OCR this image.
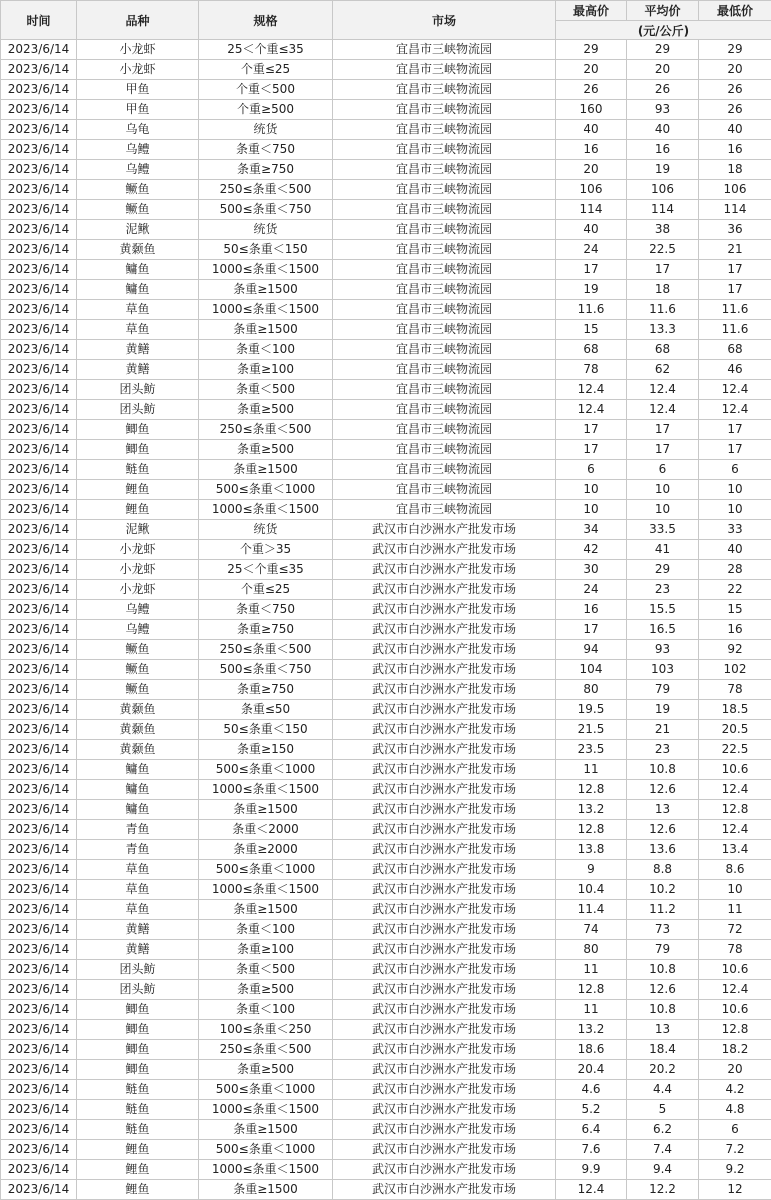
时间	品种	规格	市场	最高价	平均价	最低价
				(元/公斤)		
2023/6/14	小龙虾	25＜个重≤35	宜昌市三峡物流园	29	29	29
2023/6/14	小龙虾	个重≤25	宜昌市三峡物流园	20	20	20
2023/6/14	甲鱼	个重＜500	宜昌市三峡物流园	26	26	26
2023/6/14	甲鱼	个重≥500	宜昌市三峡物流园	160	93	26
2023/6/14	乌龟	统货	宜昌市三峡物流园	40	40	40
2023/6/14	乌鳢	条重＜750	宜昌市三峡物流园	16	16	16
2023/6/14	乌鳢	条重≥750	宜昌市三峡物流园	20	19	18
2023/6/14	鳜鱼	250≤条重＜500	宜昌市三峡物流园	106	106	106
2023/6/14	鳜鱼	500≤条重＜750	宜昌市三峡物流园	114	114	114
2023/6/14	泥鳅	统货	宜昌市三峡物流园	40	38	36
2023/6/14	黄颡鱼	50≤条重＜150	宜昌市三峡物流园	24	22.5	21
2023/6/14	鳙鱼	1000≤条重＜1500	宜昌市三峡物流园	17	17	17
2023/6/14	鳙鱼	条重≥1500	宜昌市三峡物流园	19	18	17
2023/6/14	草鱼	1000≤条重＜1500	宜昌市三峡物流园	11.6	11.6	11.6
2023/6/14	草鱼	条重≥1500	宜昌市三峡物流园	15	13.3	11.6
2023/6/14	黄鳝	条重＜100	宜昌市三峡物流园	68	68	68
2023/6/14	黄鳝	条重≥100	宜昌市三峡物流园	78	62	46
2023/6/14	团头鲂	条重＜500	宜昌市三峡物流园	12.4	12.4	12.4
2023/6/14	团头鲂	条重≥500	宜昌市三峡物流园	12.4	12.4	12.4
2023/6/14	鲫鱼	250≤条重＜500	宜昌市三峡物流园	17	17	17
2023/6/14	鲫鱼	条重≥500	宜昌市三峡物流园	17	17	17
2023/6/14	鲢鱼	条重≥1500	宜昌市三峡物流园	6	6	6
2023/6/14	鲤鱼	500≤条重＜1000	宜昌市三峡物流园	10	10	10
2023/6/14	鲤鱼	1000≤条重＜1500	宜昌市三峡物流园	10	10	10
2023/6/14	泥鳅	统货	武汉市白沙洲水产批发市场	34	33.5	33
2023/6/14	小龙虾	个重＞35	武汉市白沙洲水产批发市场	42	41	40
2023/6/14	小龙虾	25＜个重≤35	武汉市白沙洲水产批发市场	30	29	28
2023/6/14	小龙虾	个重≤25	武汉市白沙洲水产批发市场	24	23	22
2023/6/14	乌鳢	条重＜750	武汉市白沙洲水产批发市场	16	15.5	15
2023/6/14	乌鳢	条重≥750	武汉市白沙洲水产批发市场	17	16.5	16
2023/6/14	鳜鱼	250≤条重＜500	武汉市白沙洲水产批发市场	94	93	92
2023/6/14	鳜鱼	500≤条重＜750	武汉市白沙洲水产批发市场	104	103	102
2023/6/14	鳜鱼	条重≥750	武汉市白沙洲水产批发市场	80	79	78
2023/6/14	黄颡鱼	条重≤50	武汉市白沙洲水产批发市场	19.5	19	18.5
2023/6/14	黄颡鱼	50≤条重＜150	武汉市白沙洲水产批发市场	21.5	21	20.5
2023/6/14	黄颡鱼	条重≥150	武汉市白沙洲水产批发市场	23.5	23	22.5
2023/6/14	鳙鱼	500≤条重＜1000	武汉市白沙洲水产批发市场	11	10.8	10.6
2023/6/14	鳙鱼	1000≤条重＜1500	武汉市白沙洲水产批发市场	12.8	12.6	12.4
2023/6/14	鳙鱼	条重≥1500	武汉市白沙洲水产批发市场	13.2	13	12.8
2023/6/14	青鱼	条重＜2000	武汉市白沙洲水产批发市场	12.8	12.6	12.4
2023/6/14	青鱼	条重≥2000	武汉市白沙洲水产批发市场	13.8	13.6	13.4
2023/6/14	草鱼	500≤条重＜1000	武汉市白沙洲水产批发市场	9	8.8	8.6
2023/6/14	草鱼	1000≤条重＜1500	武汉市白沙洲水产批发市场	10.4	10.2	10
2023/6/14	草鱼	条重≥1500	武汉市白沙洲水产批发市场	11.4	11.2	11
2023/6/14	黄鳝	条重＜100	武汉市白沙洲水产批发市场	74	73	72
2023/6/14	黄鳝	条重≥100	武汉市白沙洲水产批发市场	80	79	78
2023/6/14	团头鲂	条重＜500	武汉市白沙洲水产批发市场	11	10.8	10.6
2023/6/14	团头鲂	条重≥500	武汉市白沙洲水产批发市场	12.8	12.6	12.4
2023/6/14	鲫鱼	条重＜100	武汉市白沙洲水产批发市场	11	10.8	10.6
2023/6/14	鲫鱼	100≤条重＜250	武汉市白沙洲水产批发市场	13.2	13	12.8
2023/6/14	鲫鱼	250≤条重＜500	武汉市白沙洲水产批发市场	18.6	18.4	18.2
2023/6/14	鲫鱼	条重≥500	武汉市白沙洲水产批发市场	20.4	20.2	20
2023/6/14	鲢鱼	500≤条重＜1000	武汉市白沙洲水产批发市场	4.6	4.4	4.2
2023/6/14	鲢鱼	1000≤条重＜1500	武汉市白沙洲水产批发市场	5.2	5	4.8
2023/6/14	鲢鱼	条重≥1500	武汉市白沙洲水产批发市场	6.4	6.2	6
2023/6/14	鲤鱼	500≤条重＜1000	武汉市白沙洲水产批发市场	7.6	7.4	7.2
2023/6/14	鲤鱼	1000≤条重＜1500	武汉市白沙洲水产批发市场	9.9	9.4	9.2
2023/6/14	鲤鱼	条重≥1500	武汉市白沙洲水产批发市场	12.4	12.2	12
